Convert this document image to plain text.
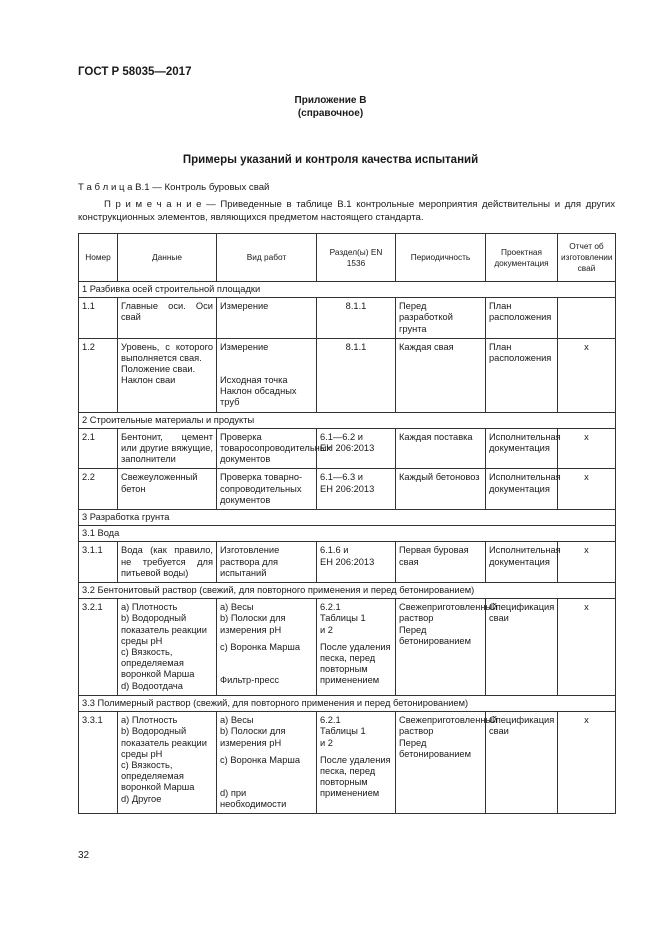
ГОСТ Р 58035—2017
Приложение В
(справочное)
Примеры указаний и контроля качества испытаний
Т а б л и ц а В.1 — Контроль буровых свай
П р и м е ч а н и е — Приведенные в таблице В.1 контрольные мероприятия действительны и для других конструкционных элементов, являющихся предметом настоящего стандарта.
Номер	Данные	Вид работ	Раздел(ы) EN 1536	Периодичность	Проектная документация	Отчет об изготовлении свай
1 Разбивка осей строительной площадки						
1.1	Главные оси. Оси свай	Измерение	8.1.1	Перед разработкой грунта	План расположения	
1.2	Уровень, с которого выполняется свая.
Положение сваи.
Наклон сваи	Измерение
Исходная точка
Наклон обсадных труб	8.1.1	Каждая свая	План расположения	х
2 Строительные материалы и продукты						
2.1	Бентонит, цемент или другие вяжущие, заполнители	Проверка товаросопроводительных документов	6.1—6.2 и
ЕН 206:2013	Каждая поставка	Исполнительная документация	х
2.2	Свежеуложенный бетон	Проверка товарно-сопроводительных документов	6.1—6.3 и
ЕН 206:2013	Каждый бетоновоз	Исполнительная документация	х
3 Разработка грунта						
3.1 Вода						
3.1.1	Вода (как правило, не требуется для питьевой воды)	Изготовление раствора для испытаний	6.1.6 и
ЕН 206:2013	Первая буровая свая	Исполнительная документация	х
3.2 Бентонитовый раствор (свежий, для повторного применения и перед бетонированием)						
3.2.1	а) Плотность
b) Водородный показатель реакции среды pH
с) Вязкость, определяемая воронкой Марша
d) Водоотдача	а) Весы
b) Полоски для измерения pH
с) Воронка Марша
Фильтр-пресс	6.2.1
Таблицы 1
и 2
После удаления песка, перед повторным применением	Свежеприготовленный раствор
Перед бетонированием	Спецификация сваи	х
3.3 Полимерный раствор (свежий, для повторного применения и перед бетонированием)						
3.3.1	а) Плотность
b) Водородный показатель реакции среды pH
с) Вязкость, определяемая воронкой Марша
d) Другое	а) Весы
b) Полоски для измерения pH
с) Воронка Марша
d) при необходимости	6.2.1
Таблицы 1
и 2
После удаления песка, перед повторным применением	Свежеприготовленный раствор
Перед бетонированием	Спецификация сваи	х
32
